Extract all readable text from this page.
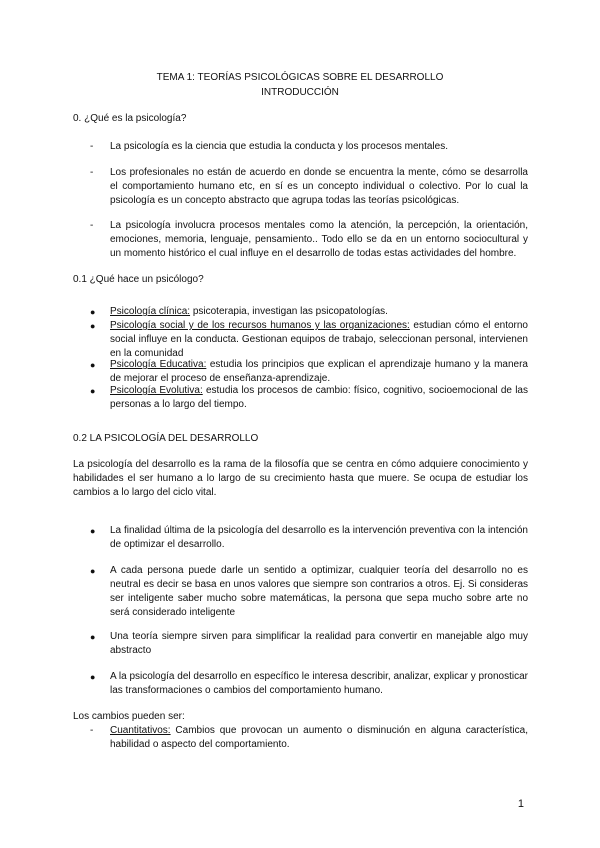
TEMA 1: TEORÍAS PSICOLÓGICAS SOBRE EL DESARROLLO
INTRODUCCIÓN
0. ¿Qué es la psicología?
- La psicología es la ciencia que estudia la conducta y los procesos mentales.
- Los profesionales no están de acuerdo en donde se encuentra la mente, cómo se desarrolla el comportamiento humano etc, en sí es un concepto individual o colectivo. Por lo cual la psicología es un concepto abstracto que agrupa todas las teorías psicológicas.
- La psicología involucra procesos mentales como la atención, la percepción, la orientación, emociones, memoria, lenguaje, pensamiento.. Todo ello se da en un entorno sociocultural y un momento histórico el cual influye en el desarrollo de todas estas actividades del hombre.
0.1 ¿Qué hace un psicólogo?
● Psicología clínica: psicoterapia, investigan las psicopatologías.
● Psicología social y de los recursos humanos y las organizaciones: estudian cómo el entorno social influye en la conducta. Gestionan equipos de trabajo, seleccionan personal, intervienen en la comunidad
● Psicología Educativa: estudia los principios que explican el aprendizaje humano y la manera de mejorar el proceso de enseñanza-aprendizaje.
● Psicología Evolutiva: estudia los procesos de cambio: físico, cognitivo, socioemocional de las personas a lo largo del tiempo.
0.2 LA PSICOLOGÍA DEL DESARROLLO
La psicología del desarrollo es la rama de la filosofía que se centra en cómo adquiere conocimiento y habilidades el ser humano a lo largo de su crecimiento hasta que muere. Se ocupa de estudiar los cambios a lo largo del ciclo vital.
● La finalidad última de la psicología del desarrollo es la intervención preventiva con la intención de optimizar el desarrollo.
● A cada persona puede darle un sentido a optimizar, cualquier teoría del desarrollo no es neutral es decir se basa en unos valores que siempre son contrarios a otros. Ej. Si consideras ser inteligente saber mucho sobre matemáticas, la persona que sepa mucho sobre arte no será considerado inteligente
● Una teoría siempre sirven para simplificar la realidad para convertir en manejable algo muy abstracto
● A la psicología del desarrollo en específico le interesa describir, analizar, explicar y pronosticar las transformaciones o cambios del comportamiento humano.
Los cambios pueden ser:
- Cuantitativos: Cambios que provocan un aumento o disminución en alguna característica, habilidad o aspecto del comportamiento.
1
